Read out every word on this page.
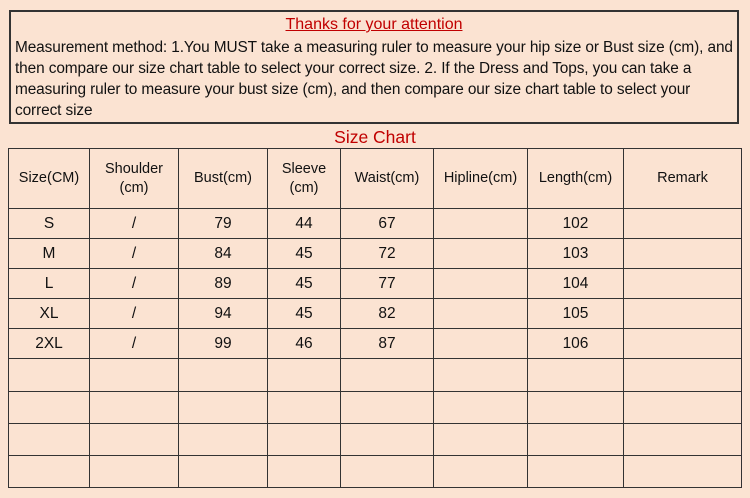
Thanks for your attention
Measurement method: 1.You MUST take a measuring ruler to measure your hip size or Bust size (cm), and then compare our size chart table to select your correct size. 2. If the Dress and Tops, you can take a measuring ruler to measure your bust size (cm), and then compare our size chart table to select your correct size
Size Chart
Size(CM)	Shoulder (cm)	Bust(cm)	Sleeve (cm)	Waist(cm)	Hipline(cm)	Length(cm)	Remark
S	/	79	44	67		102	
M	/	84	45	72		103	
L	/	89	45	77		104	
XL	/	94	45	82		105	
2XL	/	99	46	87		106	
